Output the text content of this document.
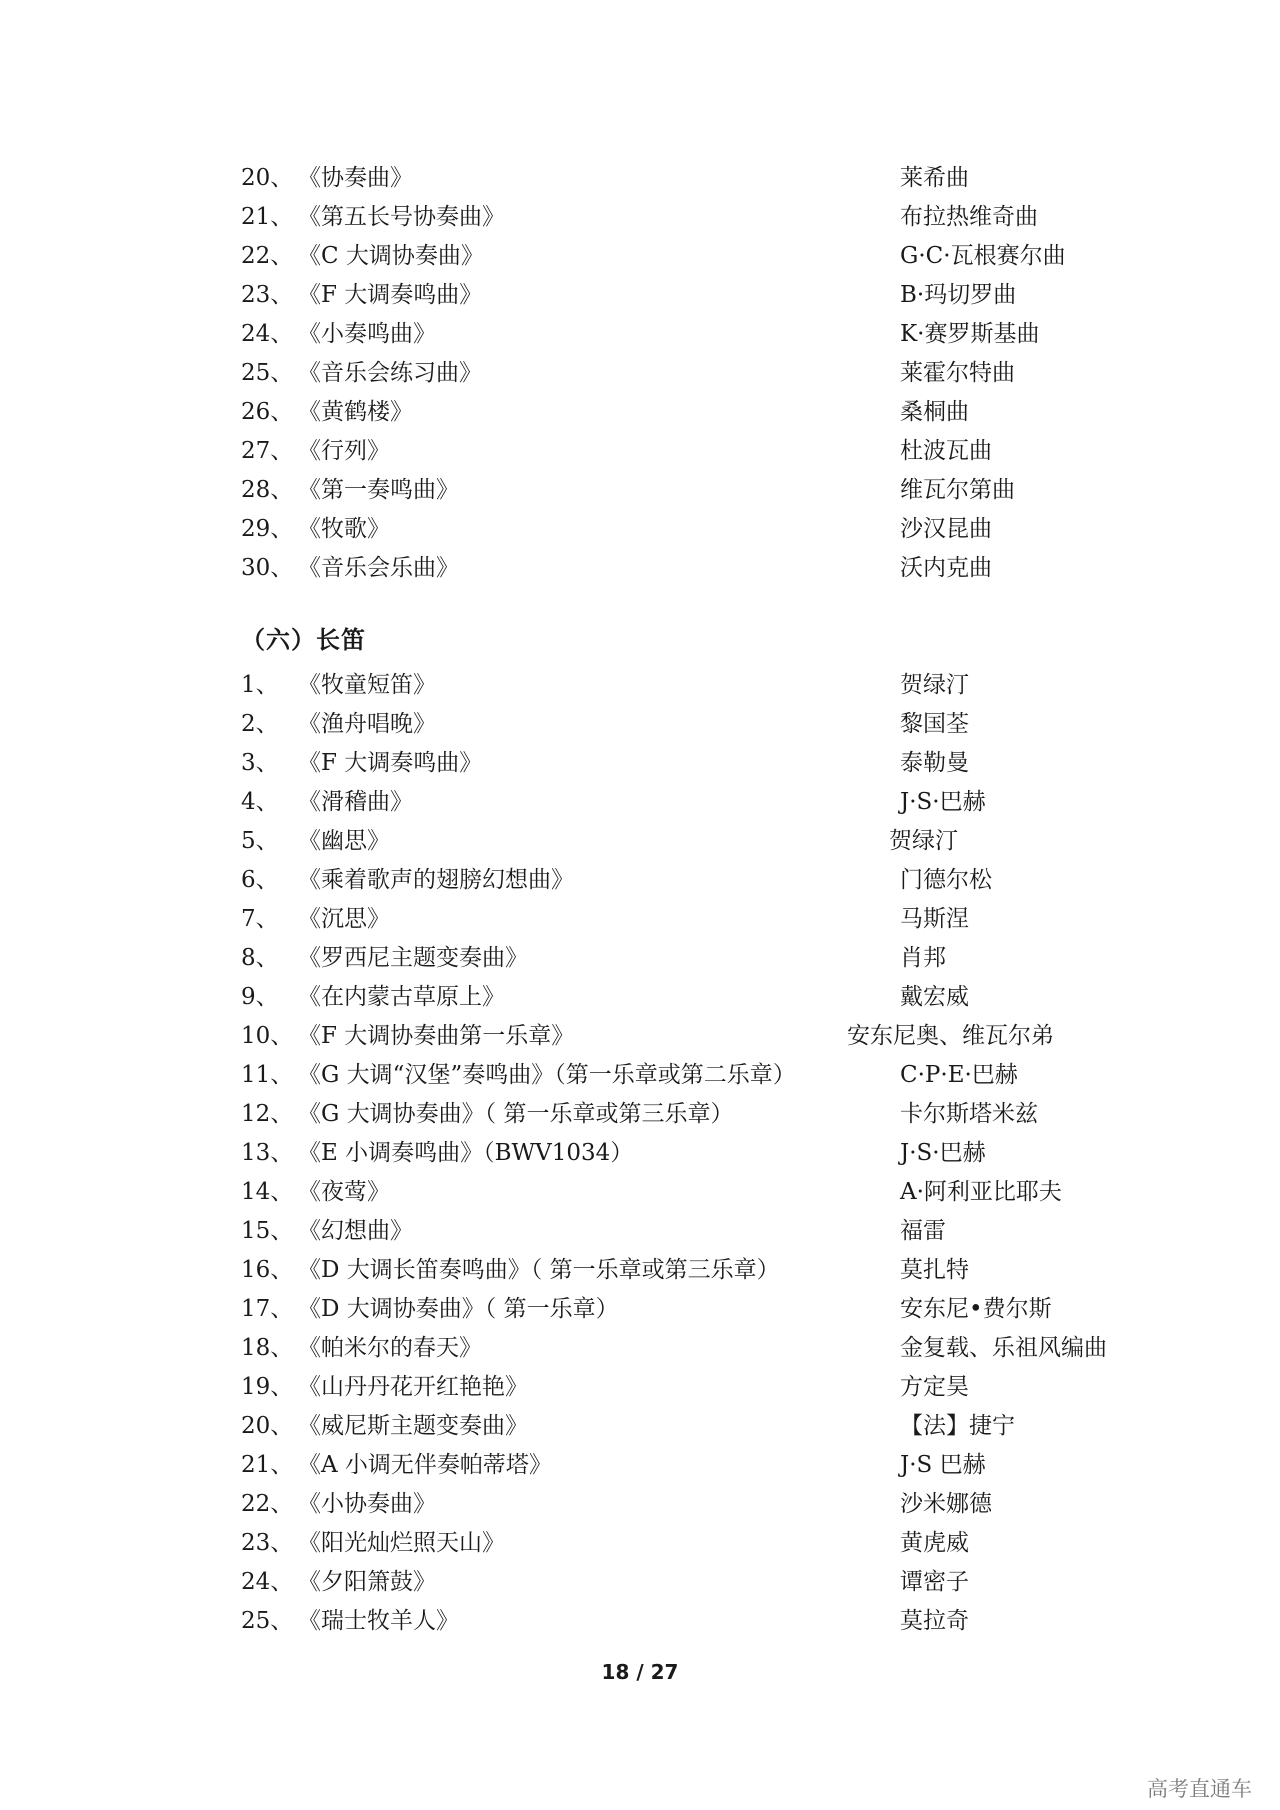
20、 《协奏曲》	莱希曲
21、 《第五长号协奏曲》	布拉热维奇曲
22、 《C 大调协奏曲》	G·C·瓦根赛尔曲
23、 《F 大调奏鸣曲》	B·玛切罗曲
24、 《小奏鸣曲》	K·赛罗斯基曲
25、 《音乐会练习曲》	莱霍尔特曲
26、 《黄鹤楼》	桑桐曲
27、 《行列》	杜波瓦曲
28、 《第一奏鸣曲》	维瓦尔第曲
29、 《牧歌》	沙汉昆曲
30、 《音乐会乐曲》	沃内克曲
（六）长笛
1、 《牧童短笛》	贺绿汀
2、 《渔舟唱晚》	黎国荃
3、 《F 大调奏鸣曲》	泰勒曼
4、 《滑稽曲》	J·S·巴赫
5、 《幽思》	贺绿汀
6、 《乘着歌声的翅膀幻想曲》	门德尔松
7、 《沉思》	马斯涅
8、 《罗西尼主题变奏曲》	肖邦
9、 《在内蒙古草原上》	戴宏威
10、 《F 大调协奏曲第一乐章》	安东尼奥、维瓦尔弟
11、 《G 大调“汉堡”奏鸣曲》（第一乐章或第二乐章）	C·P·E·巴赫
12、 《G 大调协奏曲》（ 第一乐章或第三乐章）	卡尔斯塔米兹
13、 《E 小调奏鸣曲》（BWV1034）	J·S·巴赫
14、 《夜莺》	A·阿利亚比耶夫
15、 《幻想曲》	福雷
16、 《D 大调长笛奏鸣曲》（ 第一乐章或第三乐章）	莫扎特
17、 《D 大调协奏曲》（ 第一乐章）	安东尼•费尔斯
18、 《帕米尔的春天》	金复载、乐祖风编曲
19、 《山丹丹花开红艳艳》	方定昊
20、 《威尼斯主题变奏曲》	【法】捷宁
21、 《A 小调无伴奏帕蒂塔》	J·S 巴赫
22、 《小协奏曲》	沙米娜德
23、 《阳光灿烂照天山》	黄虎威
24、 《夕阳箫鼓》	谭密子
25、 《瑞士牧羊人》	莫拉奇
18 / 27
高考直通车
